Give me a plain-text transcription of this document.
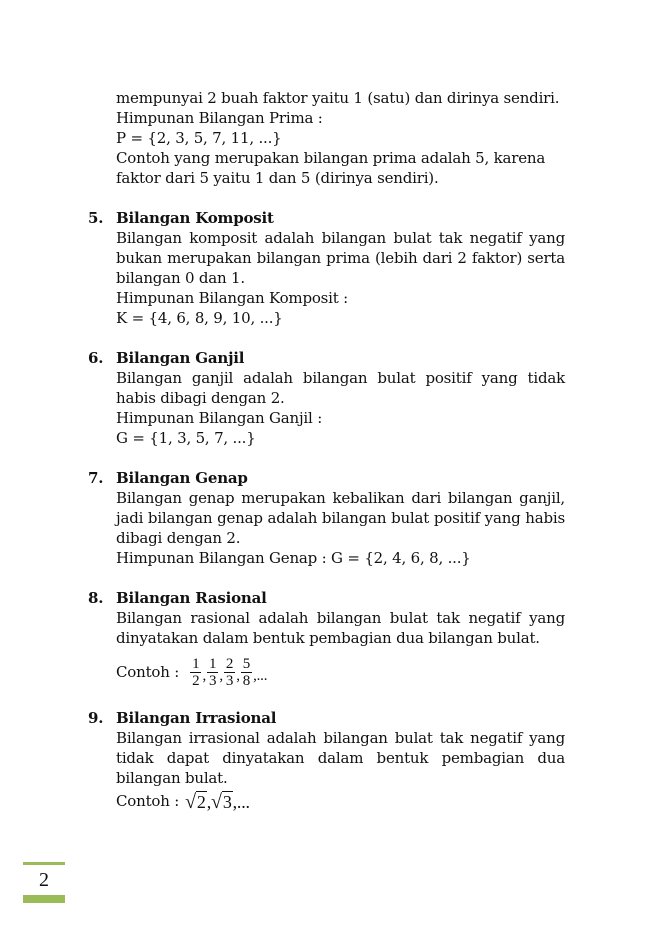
mempunyai 2 buah faktor yaitu 1 (satu) dan dirinya sendiri.

Himpunan Bilangan Prima :

P = {2, 3, 5, 7, 11, ...}

Contoh yang merupakan bilangan prima adalah 5, karena

faktor dari 5 yaitu 1 dan 5 (dirinya sendiri).

5. Bilangan Komposit

Bilangan komposit adalah bilangan bulat tak negatif yang bukan merupakan bilangan prima (lebih dari 2 faktor) serta bilangan 0 dan 1.

Himpunan Bilangan Komposit :

K = {4, 6, 8, 9, 10, ...}

6. Bilangan Ganjil

Bilangan ganjil adalah bilangan bulat positif yang tidak habis dibagi dengan 2.

Himpunan Bilangan Ganjil :

G = {1, 3, 5, 7, ...}

7. Bilangan Genap

Bilangan genap merupakan kebalikan dari bilangan ganjil, jadi bilangan genap adalah bilangan bulat positif yang habis dibagi dengan 2.

Himpunan Bilangan Genap : G = {2, 4, 6, 8, ...}

8. Bilangan Rasional

Bilangan rasional adalah bilangan bulat tak negatif yang dinyatakan dalam bentuk pembagian dua bilangan bulat.

Contoh : $\frac{1}{2}$ , $\frac{1}{3}$ , $\frac{2}{3}$ , $\frac{5}{8}$ ,...
9. Bilangan Irrasional

Bilangan irrasional adalah bilangan bulat tak negatif yang tidak dapat dinyatakan dalam bentuk pembagian dua bilangan bulat.

Contoh : √ 2 , √ 3 ,...
2
